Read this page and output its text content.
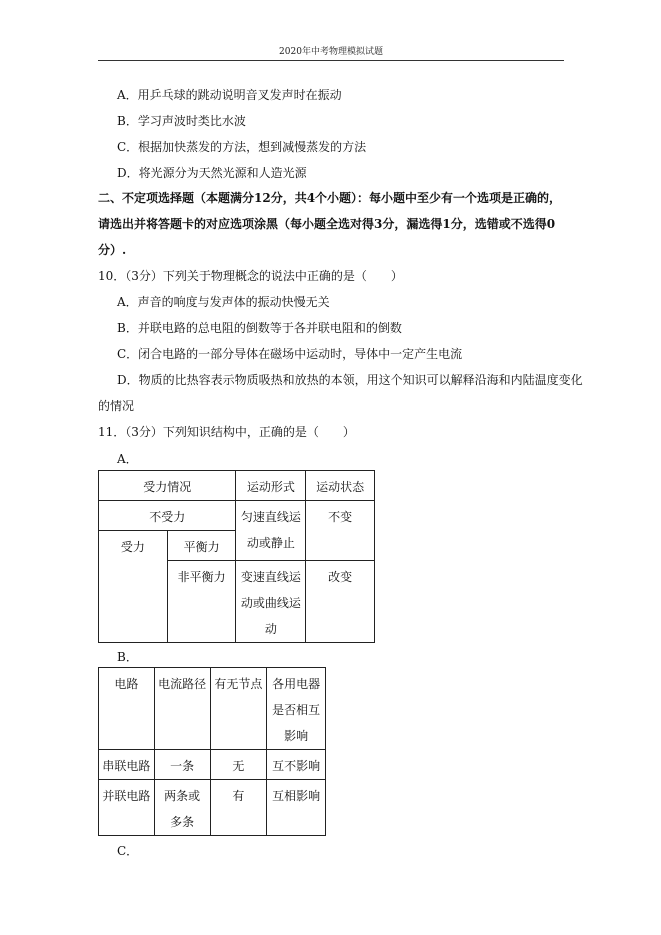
2020年中考物理模拟试题
A．用乒乓球的跳动说明音叉发声时在振动
B．学习声波时类比水波
C．根据加快蒸发的方法，想到减慢蒸发的方法
D．将光源分为天然光源和人造光源
二、不定项选择题（本题满分12分，共4个小题）：每小题中至少有一个选项是正确的，
请选出并将答题卡的对应选项涂黑（每小题全选对得3分，漏选得1分，选错或不选得0
分）.
10．（3分）下列关于物理概念的说法中正确的是（　　）
A．声音的响度与发声体的振动快慢无关
B．并联电路的总电阻的倒数等于各并联电阻和的倒数
C．闭合电路的一部分导体在磁场中运动时，导体中一定产生电流
D．物质的比热容表示物质吸热和放热的本领，用这个知识可以解释沿海和内陆温度变化
的情况
11．（3分）下列知识结构中，正确的是（　　）
A．
受力情况		运动形式	运动状态
不受力		匀速直线运动或静止	不变
受力	平衡力		
	非平衡力	变速直线运动或曲线运动	改变
B．
电路	电流路径	有无节点	各用电器是否相互影响
串联电路	一条	无	互不影响
并联电路	两条或多条	有	互相影响
C．
